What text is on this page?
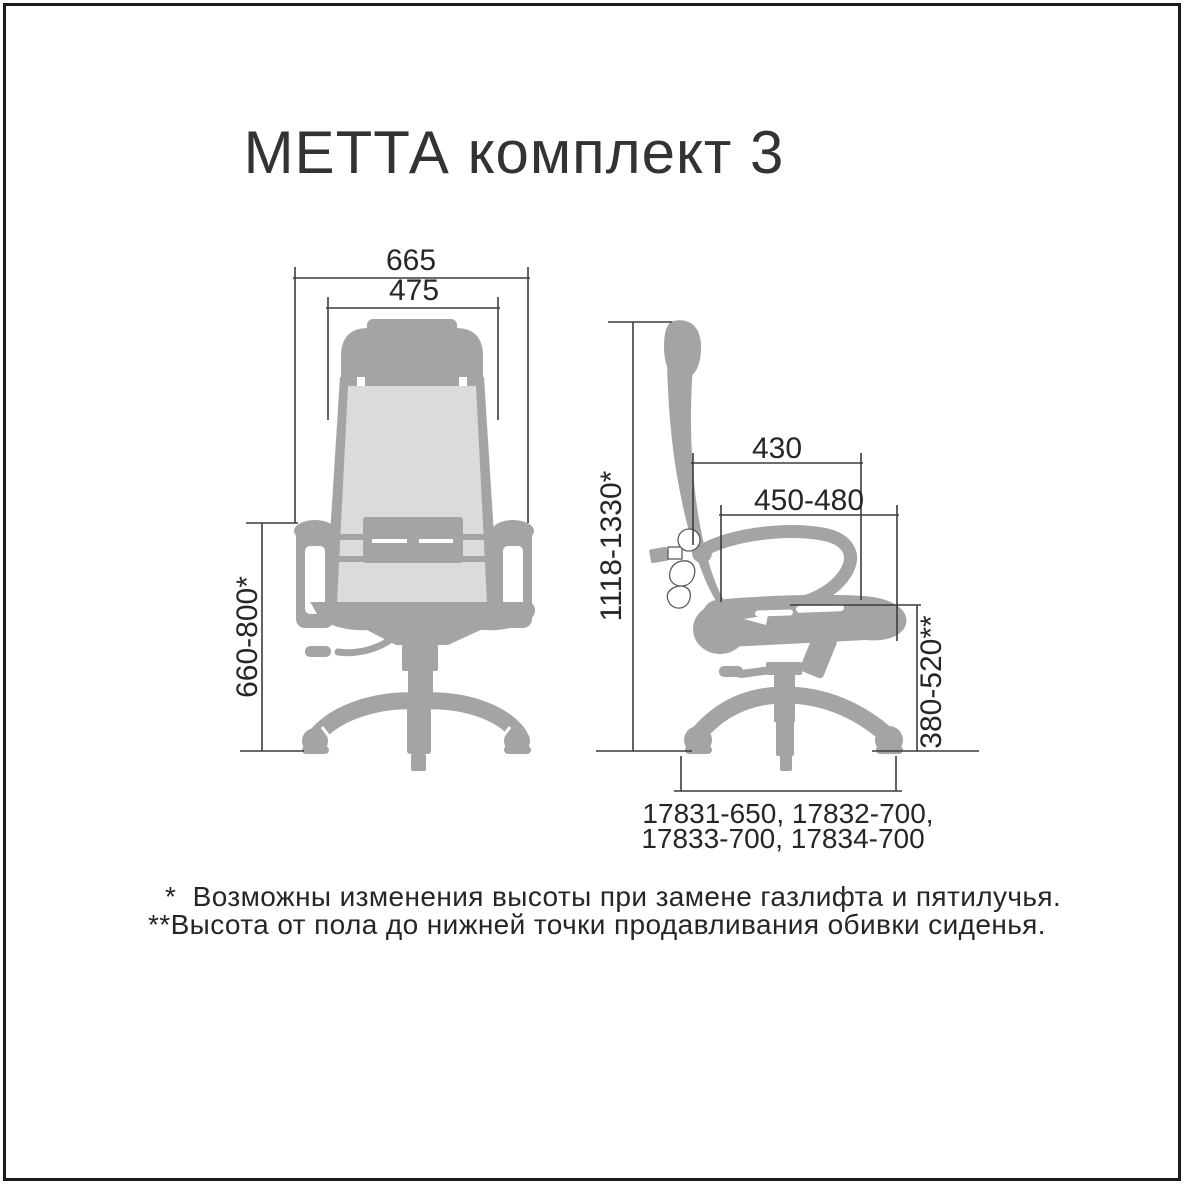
МЕТТА комплект 3
665
475
660-800*
1118-1330*
430
450-480
380-520**
17831-650, 17832-700,
17833-700, 17834-700
*  Возможны изменения высоты при замене газлифта и пятилучья.
**Высота от пола до нижней точки продавливания обивки сиденья.
